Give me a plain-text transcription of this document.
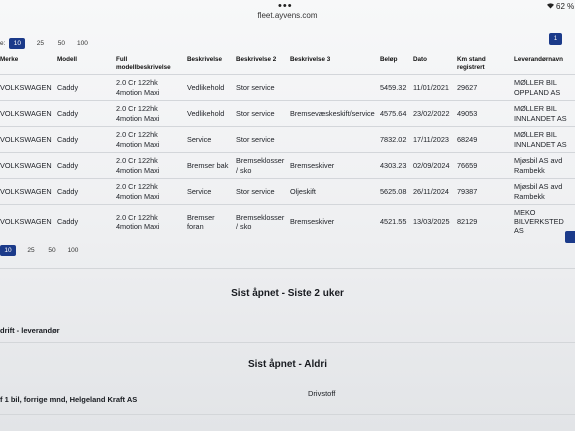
•••
fleet.ayvens.com
62 %
e:	10	25	50	100
1
Merke	Modell	Full modellbeskrivelse	Beskrivelse	Beskrivelse 2	Beskrivelse 3	Beløp	Dato	Km stand registrert	Leverandørnavn
VOLKSWAGEN	Caddy	2.0 Cr 122hk 4motion Maxi	Vedlikehold	Stor service		5459.32	11/01/2021	29627	MØLLER BIL OPPLAND AS
VOLKSWAGEN	Caddy	2.0 Cr 122hk 4motion Maxi	Vedlikehold	Stor service	Bremsevæskeskift/service	4575.64	23/02/2022	49053	MØLLER BIL INNLANDET AS
VOLKSWAGEN	Caddy	2.0 Cr 122hk 4motion Maxi	Service	Stor service		7832.02	17/11/2023	68249	MØLLER BIL INNLANDET AS
VOLKSWAGEN	Caddy	2.0 Cr 122hk 4motion Maxi	Bremser bak	Bremseklosser / sko	Bremseskiver	4303.23	02/09/2024	76659	Mjøsbil AS avd Rambekk
VOLKSWAGEN	Caddy	2.0 Cr 122hk 4motion Maxi	Service	Stor service	Oljeskift	5625.08	26/11/2024	79387	Mjøsbil AS avd Rambekk
VOLKSWAGEN	Caddy	2.0 Cr 122hk 4motion Maxi	Bremser foran	Bremseklosser / sko	Bremseskiver	4521.55	13/03/2025	82129	MEKO BILVERKSTED AS
10	25	50	100
Sist åpnet - Siste 2 uker
drift - leverandør
Sist åpnet - Aldri
f 1 bil, forrige mnd, Helgeland Kraft AS
Drivstoff
